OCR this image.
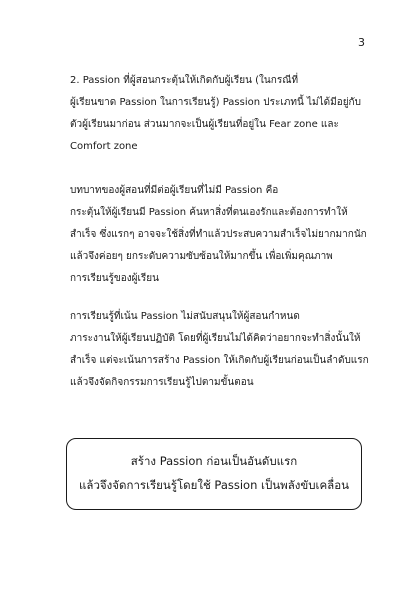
3

2. Passion ที่ผู้สอนกระตุ้นให้เกิดกับผู้เรียน (ในกรณีที่
ผู้เรียนขาด Passion ในการเรียนรู้) Passion ประเภทนี้ ไม่ได้มีอยู่กับ
ตัวผู้เรียนมาก่อน ส่วนมากจะเป็นผู้เรียนที่อยู่ใน Fear zone และ
Comfort zone

บทบาทของผู้สอนที่มีต่อผู้เรียนที่ไม่มี Passion คือ
กระตุ้นให้ผู้เรียนมี Passion ค้นหาสิ่งที่ตนเองรักและต้องการทำให้
สำเร็จ ซึ่งแรกๆ อาจจะใช้สิ่งที่ทำแล้วประสบความสำเร็จไม่ยากมากนัก
แล้วจึงค่อยๆ ยกระดับความซับซ้อนให้มากขึ้น เพื่อเพิ่มคุณภาพ
การเรียนรู้ของผู้เรียน

การเรียนรู้ที่เน้น Passion ไม่สนับสนุนให้ผู้สอนกำหนด
ภาระงานให้ผู้เรียนปฏิบัติ โดยที่ผู้เรียนไม่ได้คิดว่าอยากจะทำสิ่งนั้นให้
สำเร็จ แต่จะเน้นการสร้าง Passion ให้เกิดกับผู้เรียนก่อนเป็นลำดับแรก
แล้วจึงจัดกิจกรรมการเรียนรู้ไปตามขั้นตอน

สร้าง Passion ก่อนเป็นอันดับแรก
แล้วจึงจัดการเรียนรู้โดยใช้ Passion เป็นพลังขับเคลื่อน
